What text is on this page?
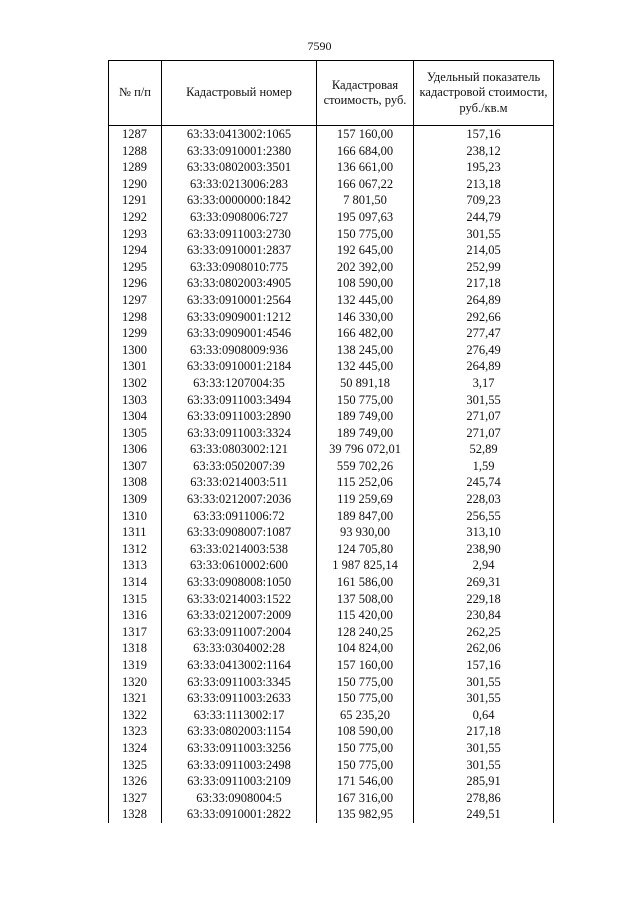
7590
№ п/п	Кадастровый номер	Кадастровая стоимость, руб.	Удельный показатель кадастровой стоимости, руб./кв.м
1287	63:33:0413002:1065	157 160,00	157,16
1288	63:33:0910001:2380	166 684,00	238,12
1289	63:33:0802003:3501	136 661,00	195,23
1290	63:33:0213006:283	166 067,22	213,18
1291	63:33:0000000:1842	7 801,50	709,23
1292	63:33:0908006:727	195 097,63	244,79
1293	63:33:0911003:2730	150 775,00	301,55
1294	63:33:0910001:2837	192 645,00	214,05
1295	63:33:0908010:775	202 392,00	252,99
1296	63:33:0802003:4905	108 590,00	217,18
1297	63:33:0910001:2564	132 445,00	264,89
1298	63:33:0909001:1212	146 330,00	292,66
1299	63:33:0909001:4546	166 482,00	277,47
1300	63:33:0908009:936	138 245,00	276,49
1301	63:33:0910001:2184	132 445,00	264,89
1302	63:33:1207004:35	50 891,18	3,17
1303	63:33:0911003:3494	150 775,00	301,55
1304	63:33:0911003:2890	189 749,00	271,07
1305	63:33:0911003:3324	189 749,00	271,07
1306	63:33:0803002:121	39 796 072,01	52,89
1307	63:33:0502007:39	559 702,26	1,59
1308	63:33:0214003:511	115 252,06	245,74
1309	63:33:0212007:2036	119 259,69	228,03
1310	63:33:0911006:72	189 847,00	256,55
1311	63:33:0908007:1087	93 930,00	313,10
1312	63:33:0214003:538	124 705,80	238,90
1313	63:33:0610002:600	1 987 825,14	2,94
1314	63:33:0908008:1050	161 586,00	269,31
1315	63:33:0214003:1522	137 508,00	229,18
1316	63:33:0212007:2009	115 420,00	230,84
1317	63:33:0911007:2004	128 240,25	262,25
1318	63:33:0304002:28	104 824,00	262,06
1319	63:33:0413002:1164	157 160,00	157,16
1320	63:33:0911003:3345	150 775,00	301,55
1321	63:33:0911003:2633	150 775,00	301,55
1322	63:33:1113002:17	65 235,20	0,64
1323	63:33:0802003:1154	108 590,00	217,18
1324	63:33:0911003:3256	150 775,00	301,55
1325	63:33:0911003:2498	150 775,00	301,55
1326	63:33:0911003:2109	171 546,00	285,91
1327	63:33:0908004:5	167 316,00	278,86
1328	63:33:0910001:2822	135 982,95	249,51
